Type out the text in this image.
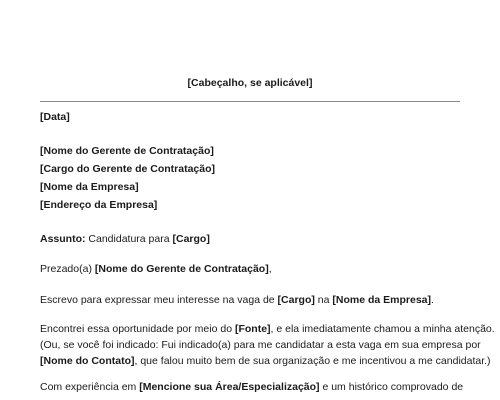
[Cabeçalho, se aplicável]
[Data]
[Nome do Gerente de Contratação]
[Cargo do Gerente de Contratação]
[Nome da Empresa]
[Endereço da Empresa]
Assunto: Candidatura para [Cargo]
Prezado(a) [Nome do Gerente de Contratação],
Escrevo para expressar meu interesse na vaga de [Cargo] na [Nome da Empresa].
Encontrei essa oportunidade por meio do [Fonte], e ela imediatamente chamou a minha atenção.
(Ou, se você foi indicado: Fui indicado(a) para me candidatar a esta vaga em sua empresa por
[Nome do Contato], que falou muito bem de sua organização e me incentivou a me candidatar.)
Com experiência em [Mencione sua Área/Especialização] e um histórico comprovado de
